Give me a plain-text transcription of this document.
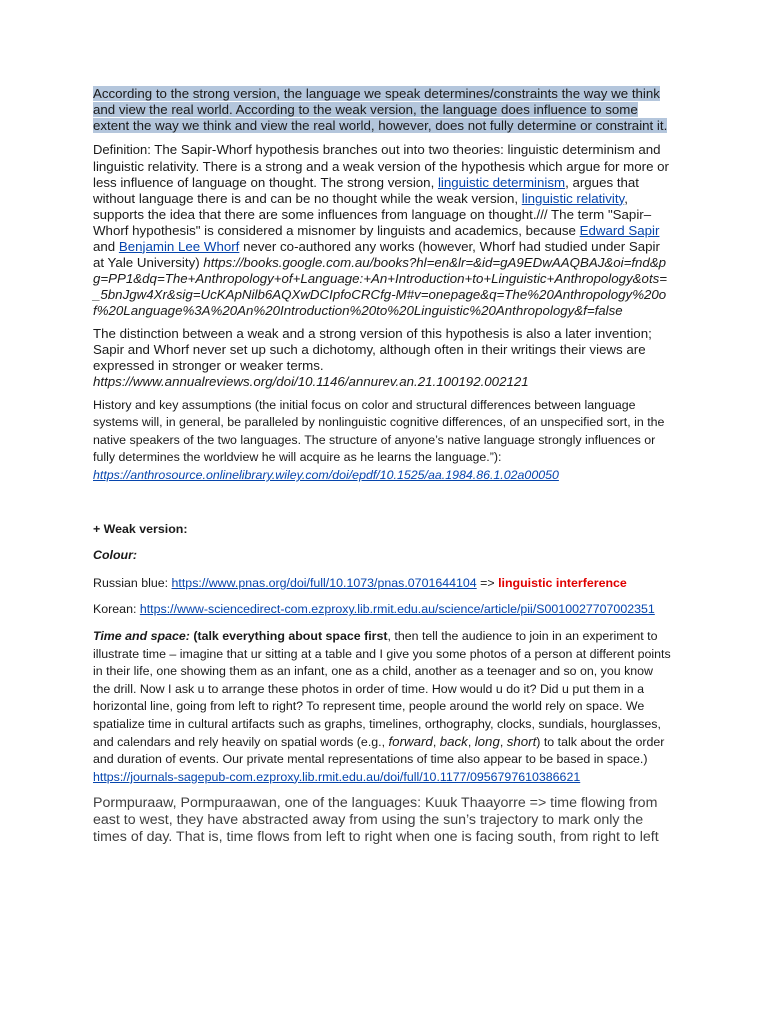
According to the strong version, the language we speak determines/constraints the way we think and view the real world. According to the weak version, the language does influence to some extent the way we think and view the real world, however, does not fully determine or constraint it.

Definition: The Sapir-Whorf hypothesis branches out into two theories: linguistic determinism and linguistic relativity. There is a strong and a weak version of the hypothesis which argue for more or less influence of language on thought. The strong version, linguistic determinism, argues that without language there is and can be no thought while the weak version, linguistic relativity, supports the idea that there are some influences from language on thought./// The term "Sapir–Whorf hypothesis" is considered a misnomer by linguists and academics, because Edward Sapir and Benjamin Lee Whorf never co-authored any works (however, Whorf had studied under Sapir at Yale University) https://books.google.com.au/books?hl=en&lr=&id=gA9EDwAAQBAJ&oi=fnd&pg=PP1&dq=The+Anthropology+of+Language:+An+Introduction+to+Linguistic+Anthropology&ots=_5bnJgw4Xr&sig=UcKApNilb6AQXwDCIpfoCRCfg-M#v=onepage&q=The%20Anthropology%20of%20Language%3A%20An%20Introduction%20to%20Linguistic%20Anthropology&f=false

The distinction between a weak and a strong version of this hypothesis is also a later invention; Sapir and Whorf never set up such a dichotomy, although often in their writings their views are expressed in stronger or weaker terms.
https://www.annualreviews.org/doi/10.1146/annurev.an.21.100192.002121

History and key assumptions (the initial focus on color and structural differences between language systems will, in general, be paralleled by nonlinguistic cognitive differences, of an unspecified sort, in the native speakers of the two languages. The structure of anyone’s native language strongly influences or fully determines the worldview he will acquire as he learns the language.”):
https://anthrosource.onlinelibrary.wiley.com/doi/epdf/10.1525/aa.1984.86.1.02a00050

+ Weak version:

Colour:

Russian blue: https://www.pnas.org/doi/full/10.1073/pnas.0701644104 => linguistic interference

Korean: https://www-sciencedirect-com.ezproxy.lib.rmit.edu.au/science/article/pii/S0010027707002351

Time and space: (talk everything about space first, then tell the audience to join in an experiment to illustrate time – imagine that ur sitting at a table and I give you some photos of a person at different points in their life, one showing them as an infant, one as a child, another as a teenager and so on, you know the drill. Now I ask u to arrange these photos in order of time. How would u do it? Did u put them in a horizontal line, going from left to right? To represent time, people around the world rely on space. We spatialize time in cultural artifacts such as graphs, timelines, orthography, clocks, sundials, hourglasses, and calendars and rely heavily on spatial words (e.g., forward, back, long, short) to talk about the order and duration of events. Our private mental representations of time also appear to be based in space.) https://journals-sagepub-com.ezproxy.lib.rmit.edu.au/doi/full/10.1177/0956797610386621

Pormpuraaw, Pormpuraawan, one of the languages: Kuuk Thaayorre => time flowing from east to west, they have abstracted away from using the sun’s trajectory to mark only the times of day. That is, time flows from left to right when one is facing south, from right to left
